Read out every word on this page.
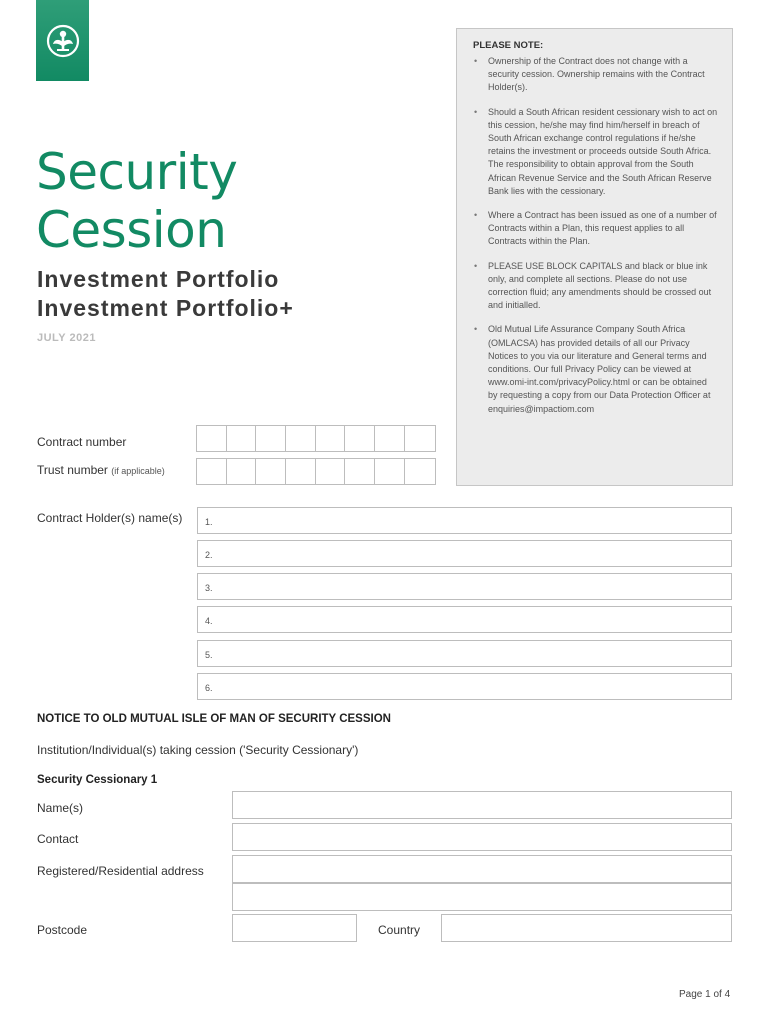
Security
Cession
Investment Portfolio
Investment Portfolio+
JULY 2021
PLEASE NOTE:
• Ownership of the Contract does not change with a security cession. Ownership remains with the Contract Holder(s).
• Should a South African resident cessionary wish to act on this cession, he/she may find him/herself in breach of South African exchange control regulations if he/she retains the investment or proceeds outside South Africa.
The responsibility to obtain approval from the South African Revenue Service and the South African Reserve Bank lies with the cessionary.
• Where a Contract has been issued as one of a number of Contracts within a Plan, this request applies to all Contracts within the Plan.
• PLEASE USE BLOCK CAPITALS and black or blue ink only, and complete all sections. Please do not use correction fluid; any amendments should be crossed out and initialled.
• Old Mutual Life Assurance Company South Africa (OMLACSA) has provided details of all our Privacy Notices to you via our literature and General terms and conditions. Our full Privacy Policy can be viewed at www.omi-int.com/privacyPolicy.html or can be obtained by requesting a copy from our Data Protection Officer at enquiries@impactiom.com
Contract number
Trust number (if applicable)
Contract Holder(s) name(s)	1.
2.
3.
4.
5.
6.
NOTICE TO OLD MUTUAL ISLE OF MAN OF SECURITY CESSION
Institution/Individual(s) taking cession ('Security Cessionary')
Security Cessionary 1
Name(s)
Contact
Registered/Residential address
Postcode	Country
Page 1 of 4
